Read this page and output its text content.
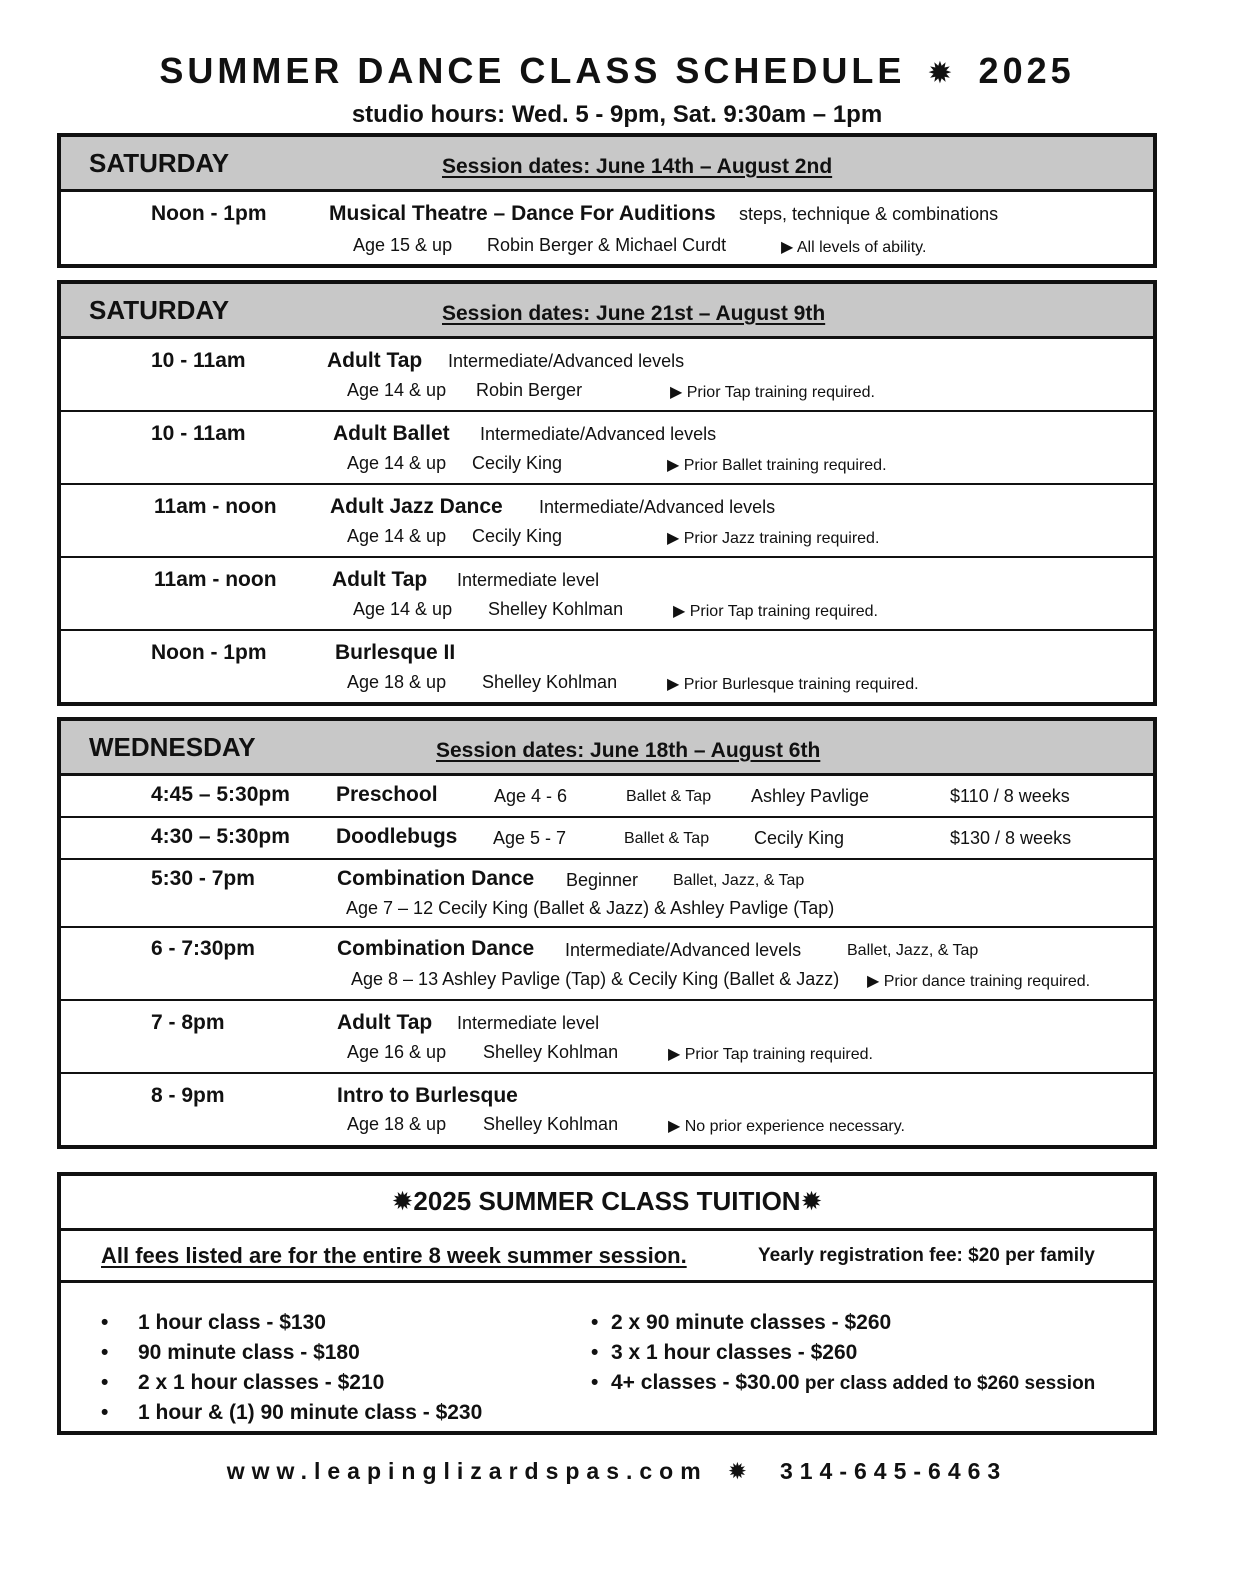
SUMMER DANCE CLASS SCHEDULE ✹ 2025
studio hours: Wed. 5 - 9pm, Sat. 9:30am – 1pm
SATURDAY	Session dates: June 14th – August 2nd
Noon - 1pm	Musical Theatre – Dance For Auditions steps, technique & combinations
Age 15 & up Robin Berger & Michael Curdt	▶ All levels of ability.
SATURDAY	Session dates: June 21st – August 9th
10 - 11am	Adult Tap Intermediate/Advanced levels
Age 14 & up Robin Berger	▶ Prior Tap training required.
10 - 11am	Adult Ballet Intermediate/Advanced levels
Age 14 & up Cecily King	▶ Prior Ballet training required.
11am - noon	Adult Jazz Dance Intermediate/Advanced levels
Age 14 & up Cecily King	▶ Prior Jazz training required.
11am - noon	Adult Tap Intermediate level
Age 14 & up Shelley Kohlman	▶ Prior Tap training required.
Noon - 1pm	Burlesque II
Age 18 & up Shelley Kohlman	▶ Prior Burlesque training required.
WEDNESDAY	Session dates: June 18th – August 6th
4:45 – 5:30pm Preschool	Age 4 - 6	Ballet & Tap Ashley Pavlige	$110 / 8 weeks
4:30 – 5:30pm Doodlebugs Age 5 - 7	Ballet & Tap Cecily King	$130 / 8 weeks
5:30 - 7pm	Combination Dance Beginner Ballet, Jazz, & Tap
Age 7 – 12 Cecily King (Ballet & Jazz) & Ashley Pavlige (Tap)
6 - 7:30pm	Combination Dance Intermediate/Advanced levels	Ballet, Jazz, & Tap
Age 8 – 13 Ashley Pavlige (Tap) & Cecily King (Ballet & Jazz) ▶ Prior dance training required.
7 - 8pm	Adult Tap Intermediate level
Age 16 & up Shelley Kohlman	▶ Prior Tap training required.
8 - 9pm	Intro to Burlesque
Age 18 & up Shelley Kohlman	▶ No prior experience necessary.
✹2025 SUMMER CLASS TUITION✹
All fees listed are for the entire 8 week summer session.	Yearly registration fee: $20 per family
• 1 hour class - $130
• 90 minute class - $180
• 2 x 1 hour classes - $210
• 1 hour & (1) 90 minute class - $230
• 2 x 90 minute classes - $260
• 3 x 1 hour classes - $260
• 4+ classes - $30.00 per class added to $260 session
www.leapinglizardspas.com ✹ 314-645-6463
